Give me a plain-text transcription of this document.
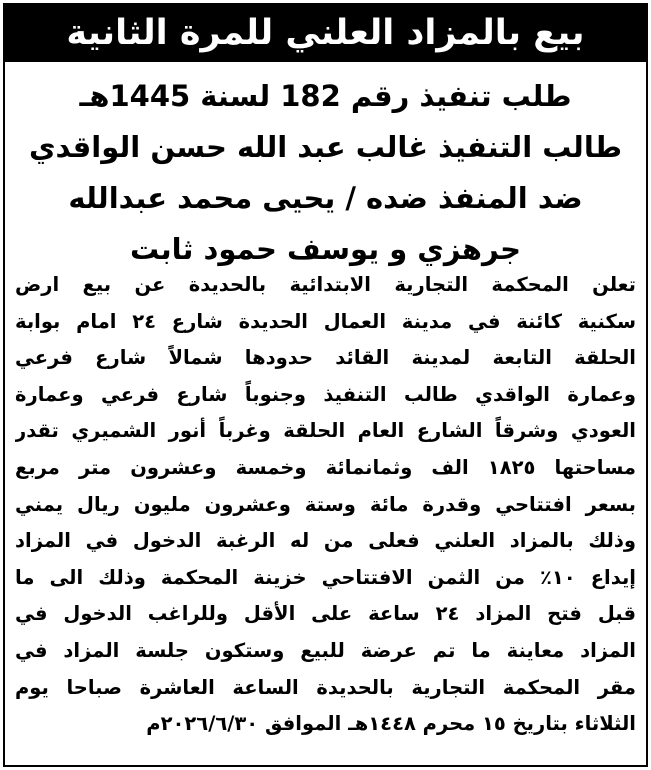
بيع بالمزاد العلني للمرة الثانية
طلب تنفيذ رقم 182 لسنة 1445هـ
طالب التنفيذ غالب عبد الله حسن الواقدي
ضد المنفذ ضده / يحيى محمد عبدالله
جرهزي و يوسف حمود ثابت
تعلن المحكمة التجارية الابتدائية بالحديدة عن بيع ارض
سكنية كائنة في مدينة العمال الحديدة شارع ٢٤ امام بوابة
الحلقة التابعة لمدينة القائد حدودها شمالاً شارع فرعي
وعمارة الواقدي طالب التنفيذ وجنوباً شارع فرعي وعمارة
العودي وشرقاً الشارع العام الحلقة وغرباً أنور الشميري تقدر
مساحتها ١٨٢٥ الف وثمانمائة وخمسة وعشرون متر مربع
بسعر افتتاحي وقدرة مائة وستة وعشرون مليون ريال يمني
وذلك بالمزاد العلني فعلى من له الرغبة الدخول في المزاد
إيداع ١٠٪ من الثمن الافتتاحي خزينة المحكمة وذلك الى ما
قبل فتح المزاد ٢٤ ساعة على الأقل وللراغب الدخول في
المزاد معاينة ما تم عرضة للبيع وستكون جلسة المزاد في
مقر المحكمة التجارية بالحديدة الساعة العاشرة صباحا يوم
الثلاثاء بتاريخ ١٥ محرم ١٤٤٨هـ الموافق ٢٠٢٦/٦/٣٠م
